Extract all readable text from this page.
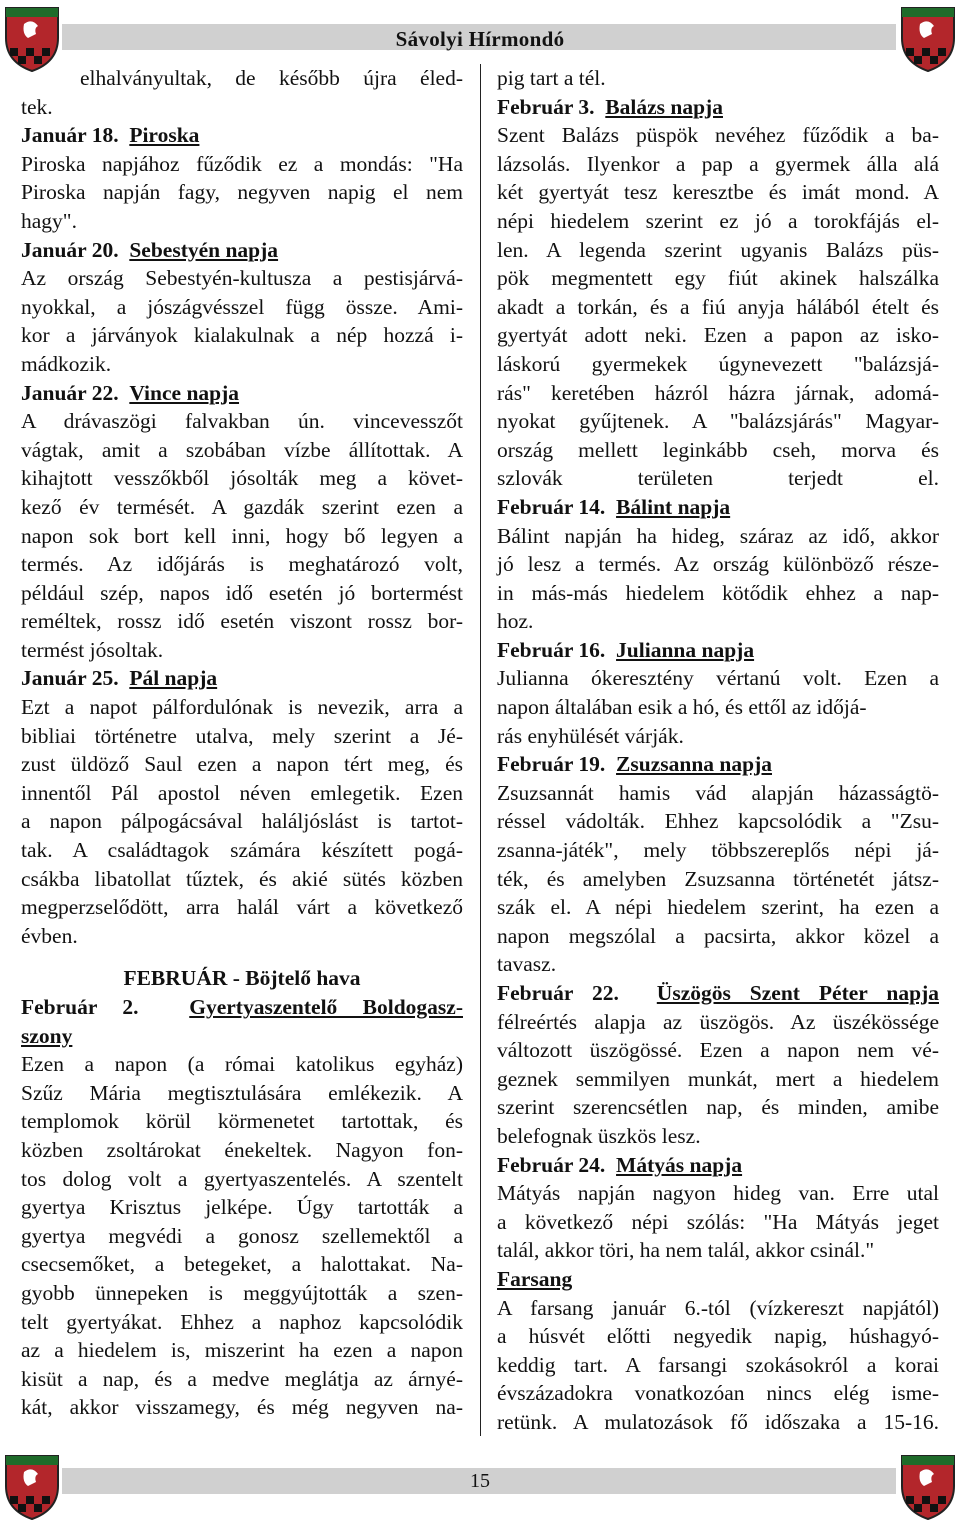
Sávolyi Hírmondó

elhalványultak, de később újra éled-

tek.

Január 18. Piroska

Piroska napjához fűződik ez a mondás: "Ha

Piroska napján fagy, negyven napig el nem

hagy".

Január 20. Sebestyén napja

Az ország Sebestyén-kultusza a pestisjárvá-

nyokkal, a jószágvésszel függ össze. Ami-

kor a járványok kialakulnak a nép hozzá i-

mádkozik.

Január 22. Vince napja

A drávaszögi falvakban ún. vincevesszőt

vágtak, amit a szobában vízbe állítottak. A

kihajtott vesszőkből jósolták meg a követ-

kező év termését. A gazdák szerint ezen a

napon sok bort kell inni, hogy bő legyen a

termés. Az időjárás is meghatározó volt,

például szép, napos idő esetén jó bortermést

reméltek, rossz idő esetén viszont rossz bor-

termést jósoltak.

Január 25. Pál napja

Ezt a napot pálfordulónak is nevezik, arra a

bibliai történetre utalva, mely szerint a Jé-

zust üldöző Saul ezen a napon tért meg, és

innentől Pál apostol néven emlegetik. Ezen

a napon pálpogácsával haláljóslást is tartot-

tak. A családtagok számára készített pogá-

csákba libatollat tűztek, és akié sütés közben

megperzselődött, arra halál várt a következő

évben.

FEBRUÁR - Böjtelő hava

Február 2. Gyertyaszentelő Boldogasz-

szony

Ezen a napon (a római katolikus egyház)

Szűz Mária megtisztulására emlékezik. A

templomok körül körmenetet tartottak, és

közben zsoltárokat énekeltek. Nagyon fon-

tos dolog volt a gyertyaszentelés. A szentelt

gyertya Krisztus jelképe. Úgy tartották a

gyertya megvédi a gonosz szellemektől a

csecsemőket, a betegeket, a halottakat. Na-

gyobb ünnepeken is meggyújtották a szen-

telt gyertyákat. Ehhez a naphoz kapcsolódik

az a hiedelem is, miszerint ha ezen a napon

kisüt a nap, és a medve meglátja az árnyé-

kát, akkor visszamegy, és még negyven na-

pig tart a tél.

Február 3. Balázs napja

Szent Balázs püspök nevéhez fűződik a ba-

lázsolás. Ilyenkor a pap a gyermek álla alá

két gyertyát tesz keresztbe és imát mond. A

népi hiedelem szerint ez jó a torokfájás el-

len. A legenda szerint ugyanis Balázs püs-

pök megmentett egy fiút akinek halszálka

akadt a torkán, és a fiú anyja hálából ételt és

gyertyát adott neki. Ezen a papon az isko-

láskorú gyermekek úgynevezett "balázsjá-

rás" keretében házról házra járnak, adomá-

nyokat gyűjtenek. A "balázsjárás" Magyar-

ország mellett leginkább cseh, morva és

szlovák területen terjedt el.

Február 14. Bálint napja

Bálint napján ha hideg, száraz az idő, akkor

jó lesz a termés. Az ország különböző része-

in más-más hiedelem kötődik ehhez a nap-

hoz.

Február 16. Julianna napja

Julianna ókeresztény vértanú volt. Ezen a

napon általában esik a hó, és ettől az időjá-

rás enyhülését várják.

Február 19. Zsuzsanna napja

Zsuzsannát hamis vád alapján házasságtö-

réssel vádolták. Ehhez kapcsolódik a "Zsu-

zsanna-játék", mely többszereplős népi já-

ték, és amelyben Zsuzsanna történetét játsz-

szák el. A népi hiedelem szerint, ha ezen a

napon megszólal a pacsirta, akkor közel a

tavasz.

Február 22. Üszögös Szent Péter napja

félreértés alapja az üszögös. Az üszékössége

változott üszögössé. Ezen a napon nem vé-

geznek semmilyen munkát, mert a hiedelem

szerint szerencsétlen nap, és minden, amibe

belefognak üszkös lesz.

Február 24. Mátyás napja

Mátyás napján nagyon hideg van. Erre utal

a következő népi szólás: "Ha Mátyás jeget

talál, akkor töri, ha nem talál, akkor csinál."

Farsang

A farsang január 6.-tól (vízkereszt napjától)

a húsvét előtti negyedik napig, húshagyó-

keddig tart. A farsangi szokásokról a korai

évszázadokra vonatkozóan nincs elég isme-

retünk. A mulatozások fő időszaka a 15-16.

15
